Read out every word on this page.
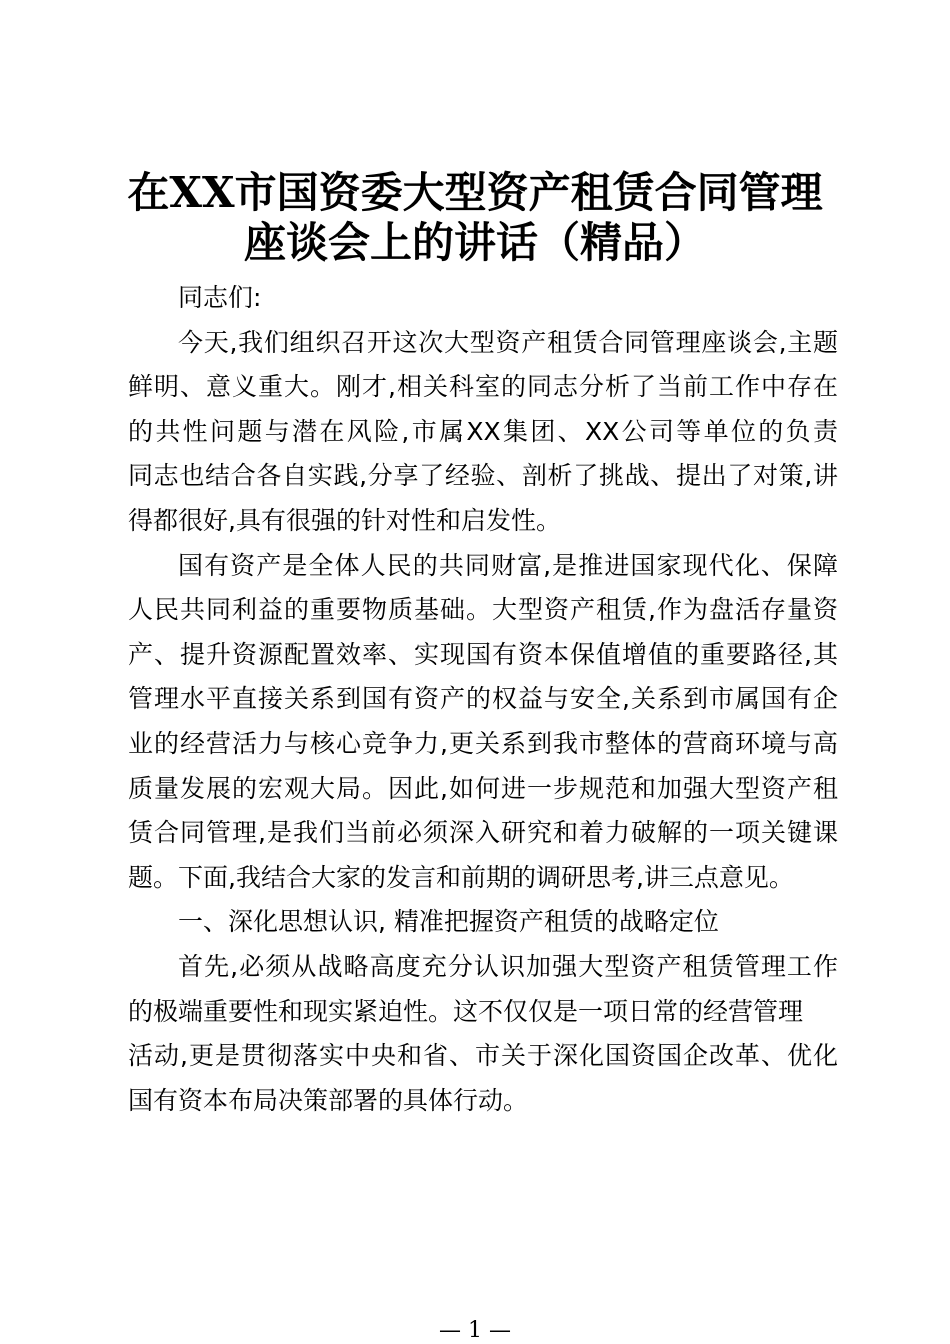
在XX市国资委大型资产租赁合同管理
座谈会上的讲话（精品）
同志们:
今天,我们组织召开这次大型资产租赁合同管理座谈会,主题
鲜明、意义重大。刚才,相关科室的同志分析了当前工作中存在
的共性问题与潜在风险,市属XX集团、XX公司等单位的负责
同志也结合各自实践,分享了经验、剖析了挑战、提出了对策,讲
得都很好,具有很强的针对性和启发性。
国有资产是全体人民的共同财富,是推进国家现代化、保障
人民共同利益的重要物质基础。大型资产租赁,作为盘活存量资
产、提升资源配置效率、实现国有资本保值增值的重要路径,其
管理水平直接关系到国有资产的权益与安全,关系到市属国有企
业的经营活力与核心竞争力,更关系到我市整体的营商环境与高
质量发展的宏观大局。因此,如何进一步规范和加强大型资产租
赁合同管理,是我们当前必须深入研究和着力破解的一项关键课
题。下面,我结合大家的发言和前期的调研思考,讲三点意见。
一、深化思想认识, 精准把握资产租赁的战略定位
首先,必须从战略高度充分认识加强大型资产租赁管理工作
的极端重要性和现实紧迫性。这不仅仅是一项日常的经营管理
活动,更是贯彻落实中央和省、市关于深化国资国企改革、优化
国有资本布局决策部署的具体行动。
— 1 —
